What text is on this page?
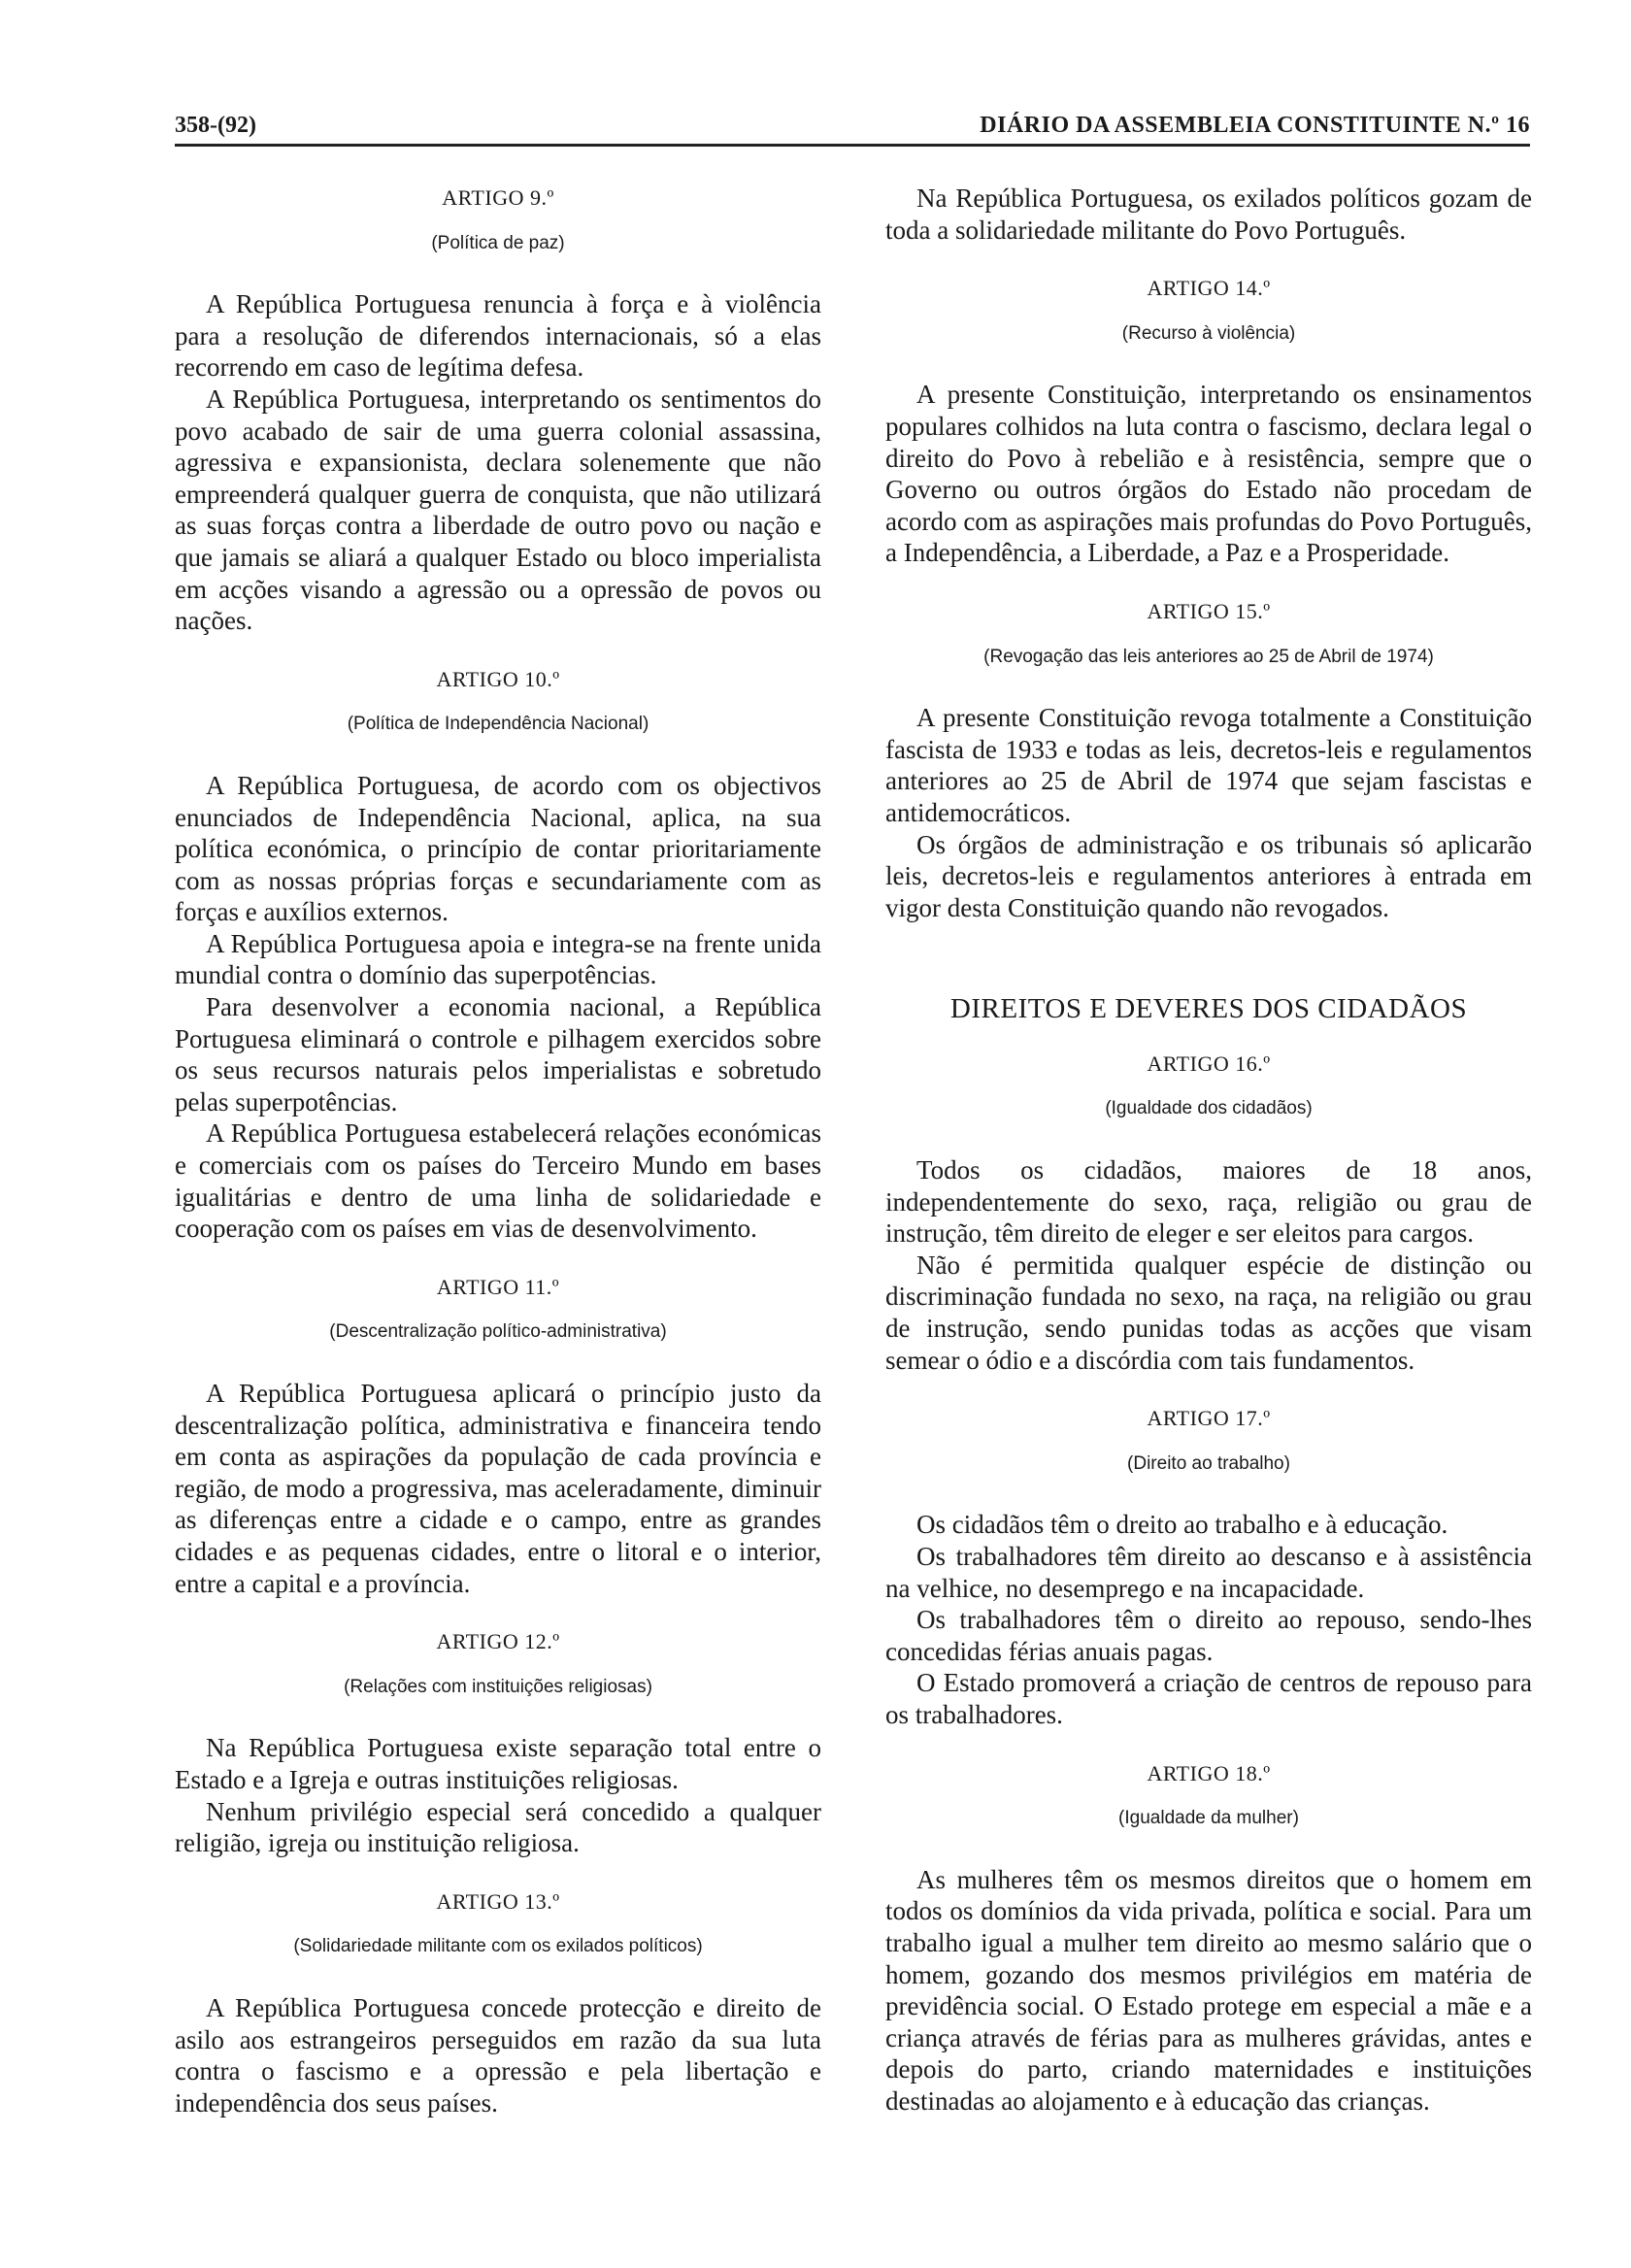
358-(92)	DIÁRIO DA ASSEMBLEIA CONSTITUINTE N.º 16
ARTIGO 9.º
(Política de paz)

A República Portuguesa renuncia à força e à violência para a resolução de diferendos internacionais, só a elas recorrendo em caso de legítima defesa.

A República Portuguesa, interpretando os sentimentos do povo acabado de sair de uma guerra colonial assassina, agressiva e expansionista, declara solenemente que não empreenderá qualquer guerra de conquista, que não utilizará as suas forças contra a liberdade de outro povo ou nação e que jamais se aliará a qualquer Estado ou bloco imperialista em acções visando a agressão ou a opressão de povos ou nações.

ARTIGO 10.º
(Política de Independência Nacional)

A República Portuguesa, de acordo com os objectivos enunciados de Independência Nacional, aplica, na sua política económica, o princípio de contar prioritariamente com as nossas próprias forças e secundariamente com as forças e auxílios externos.

A República Portuguesa apoia e integra-se na frente unida mundial contra o domínio das superpotências.

Para desenvolver a economia nacional, a República Portuguesa eliminará o controle e pilhagem exercidos sobre os seus recursos naturais pelos imperialistas e sobretudo pelas superpotências.

A República Portuguesa estabelecerá relações económicas e comerciais com os países do Terceiro Mundo em bases igualitárias e dentro de uma linha de solidariedade e cooperação com os países em vias de desenvolvimento.

ARTIGO 11.º
(Descentralização político-administrativa)

A República Portuguesa aplicará o princípio justo da descentralização política, administrativa e financeira tendo em conta as aspirações da população de cada província e região, de modo a progressiva, mas aceleradamente, diminuir as diferenças entre a cidade e o campo, entre as grandes cidades e as pequenas cidades, entre o litoral e o interior, entre a capital e a província.

ARTIGO 12.º
(Relações com instituições religiosas)

Na República Portuguesa existe separação total entre o Estado e a Igreja e outras instituições religiosas.

Nenhum privilégio especial será concedido a qualquer religião, igreja ou instituição religiosa.

ARTIGO 13.º
(Solidariedade militante com os exilados políticos)

A República Portuguesa concede protecção e direito de asilo aos estrangeiros perseguidos em razão da sua luta contra o fascismo e a opressão e pela libertação e independência dos seus países.

Na República Portuguesa, os exilados políticos gozam de toda a solidariedade militante do Povo Português.

ARTIGO 14.º
(Recurso à violência)

A presente Constituição, interpretando os ensinamentos populares colhidos na luta contra o fascismo, declara legal o direito do Povo à rebelião e à resistência, sempre que o Governo ou outros órgãos do Estado não procedam de acordo com as aspirações mais profundas do Povo Português, a Independência, a Liberdade, a Paz e a Prosperidade.

ARTIGO 15.º
(Revogação das leis anteriores ao 25 de Abril de 1974)

A presente Constituição revoga totalmente a Constituição fascista de 1933 e todas as leis, decretos-leis e regulamentos anteriores ao 25 de Abril de 1974 que sejam fascistas e antidemocráticos.

Os órgãos de administração e os tribunais só aplicarão leis, decretos-leis e regulamentos anteriores à entrada em vigor desta Constituição quando não revogados.

DIREITOS E DEVERES DOS CIDADÃOS
ARTIGO 16.º
(Igualdade dos cidadãos)

Todos os cidadãos, maiores de 18 anos, independentemente do sexo, raça, religião ou grau de instrução, têm direito de eleger e ser eleitos para cargos.

Não é permitida qualquer espécie de distinção ou discriminação fundada no sexo, na raça, na religião ou grau de instrução, sendo punidas todas as acções que visam semear o ódio e a discórdia com tais fundamentos.

ARTIGO 17.º
(Direito ao trabalho)

Os cidadãos têm o dreito ao trabalho e à educação.

Os trabalhadores têm direito ao descanso e à assistência na velhice, no desemprego e na incapacidade.

Os trabalhadores têm o direito ao repouso, sendo-lhes concedidas férias anuais pagas.

O Estado promoverá a criação de centros de repouso para os trabalhadores.

ARTIGO 18.º
(Igualdade da mulher)

As mulheres têm os mesmos direitos que o homem em todos os domínios da vida privada, política e social. Para um trabalho igual a mulher tem direito ao mesmo salário que o homem, gozando dos mesmos privilégios em matéria de previdência social. O Estado protege em especial a mãe e a criança através de férias para as mulheres grávidas, antes e depois do parto, criando maternidades e instituições destinadas ao alojamento e à educação das crianças.
